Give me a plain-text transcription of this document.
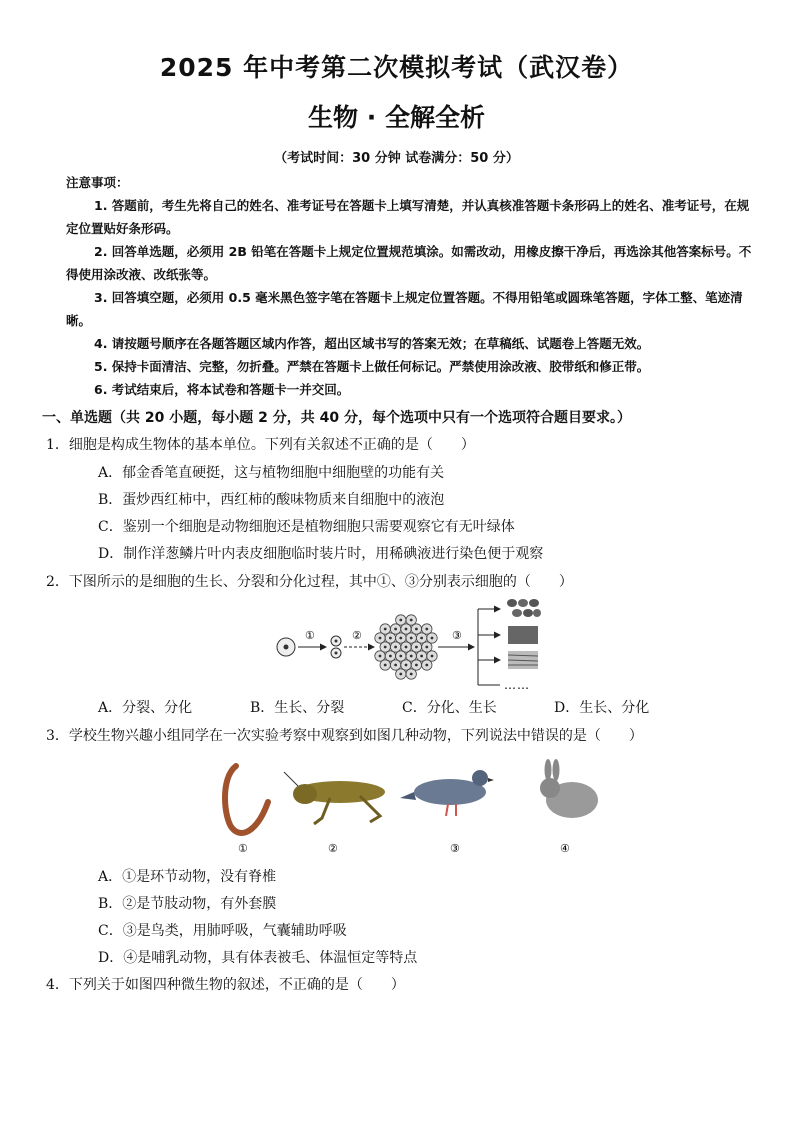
2025 年中考第二次模拟考试（武汉卷）
生物 · 全解全析
（考试时间：30 分钟 试卷满分：50 分）

注意事项：

1. 答题前，考生先将自己的姓名、准考证号在答题卡上填写清楚，并认真核准答题卡条形码上的姓名、准考证号，在规定位置贴好条形码。

2. 回答单选题，必须用 2B 铅笔在答题卡上规定位置规范填涂。如需改动，用橡皮擦干净后，再选涂其他答案标号。不得使用涂改液、改纸张等。

3. 回答填空题，必须用 0.5 毫米黑色签字笔在答题卡上规定位置答题。不得用铅笔或圆珠笔答题，字体工整、笔迹清晰。

4. 请按题号顺序在各题答题区域内作答，超出区域书写的答案无效；在草稿纸、试题卷上答题无效。

5. 保持卡面清洁、完整，勿折叠。严禁在答题卡上做任何标记。严禁使用涂改液、胶带纸和修正带。

6. 考试结束后，将本试卷和答题卡一并交回。

一、单选题（共 20 小题，每小题 2 分，共 40 分，每个选项中只有一个选项符合题目要求。）
1．细胞是构成生物体的基本单位。下列有关叙述不正确的是（　　）
A．郁金香笔直硬挺，这与植物细胞中细胞壁的功能有关
B．蛋炒西红柿中，西红柿的酸味物质来自细胞中的液泡
C．鉴别一个细胞是动物细胞还是植物细胞只需要观察它有无叶绿体
D．制作洋葱鳞片叶内表皮细胞临时装片时，用稀碘液进行染色便于观察
2．下图所示的是细胞的生长、分裂和分化过程，其中①、③分别表示细胞的（　　）
①	②	③
……
A．分裂、分化	B．生长、分裂	C．分化、生长	D．生长、分化
3．学校生物兴趣小组同学在一次实验考察中观察到如图几种动物，下列说法中错误的是（　　）
①	②	③	④
A．①是环节动物，没有脊椎
B．②是节肢动物，有外套膜
C．③是鸟类，用肺呼吸，气囊辅助呼吸
D．④是哺乳动物，具有体表被毛、体温恒定等特点
4．下列关于如图四种微生物的叙述，不正确的是（　　）
